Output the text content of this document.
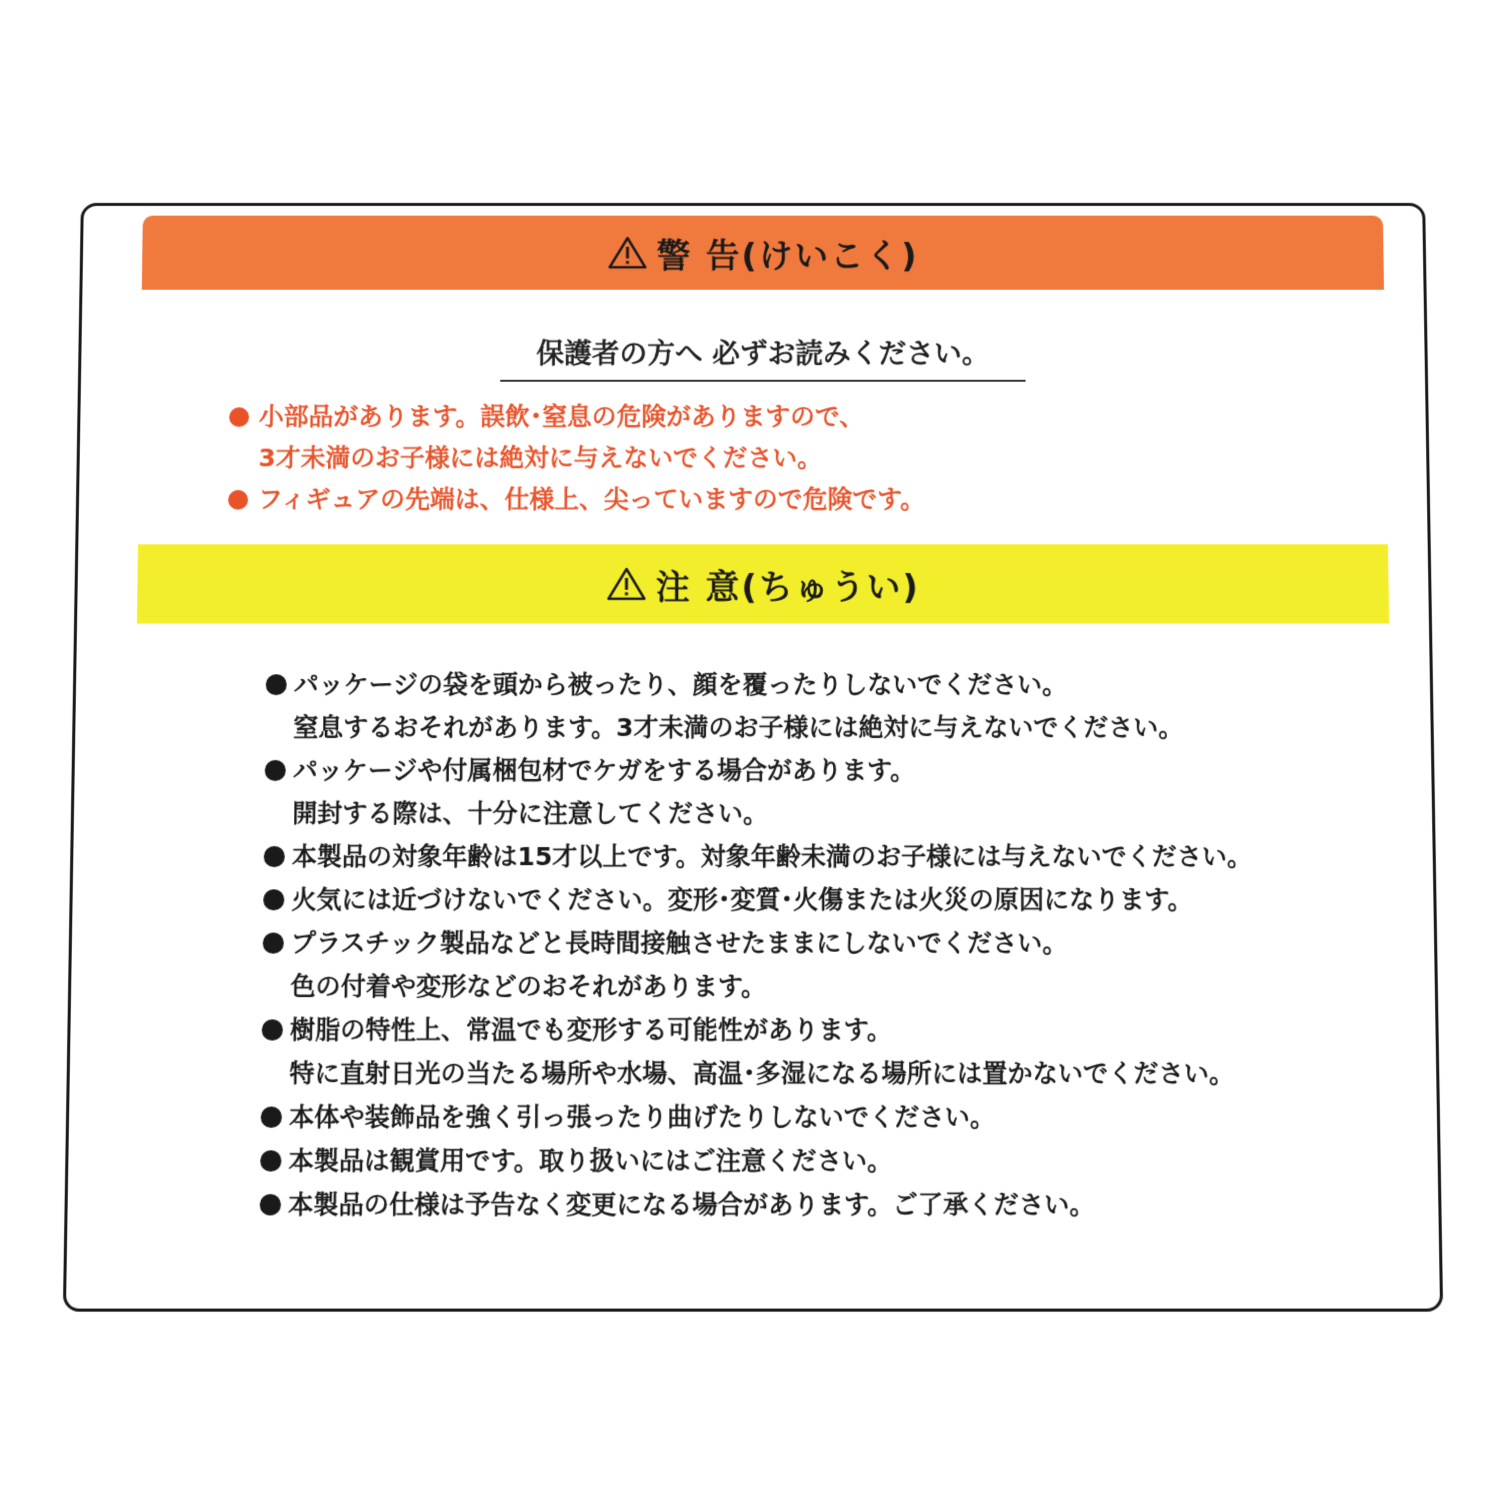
警 告(けいこく)
保護者の方へ 必ずお読みください。
小部品があります。誤飲･窒息の危険がありますので、
3才未満のお子様には絶対に与えないでください。
フィギュアの先端は、仕様上、尖っていますので危険です。
注 意(ちゅうい)
パッケージの袋を頭から被ったり、顔を覆ったりしないでください。
窒息するおそれがあります。3才未満のお子様には絶対に与えないでください。
パッケージや付属梱包材でケガをする場合があります。
開封する際は、十分に注意してください。
本製品の対象年齢は15才以上です。対象年齢未満のお子様には与えないでください。
火気には近づけないでください。変形･変質･火傷または火災の原因になります。
プラスチック製品などと長時間接触させたままにしないでください。
色の付着や変形などのおそれがあります。
樹脂の特性上、常温でも変形する可能性があります。
特に直射日光の当たる場所や水場、高温･多湿になる場所には置かないでください。
本体や装飾品を強く引っ張ったり曲げたりしないでください。
本製品は観賞用です。取り扱いにはご注意ください。
本製品の仕様は予告なく変更になる場合があります。ご了承ください。
